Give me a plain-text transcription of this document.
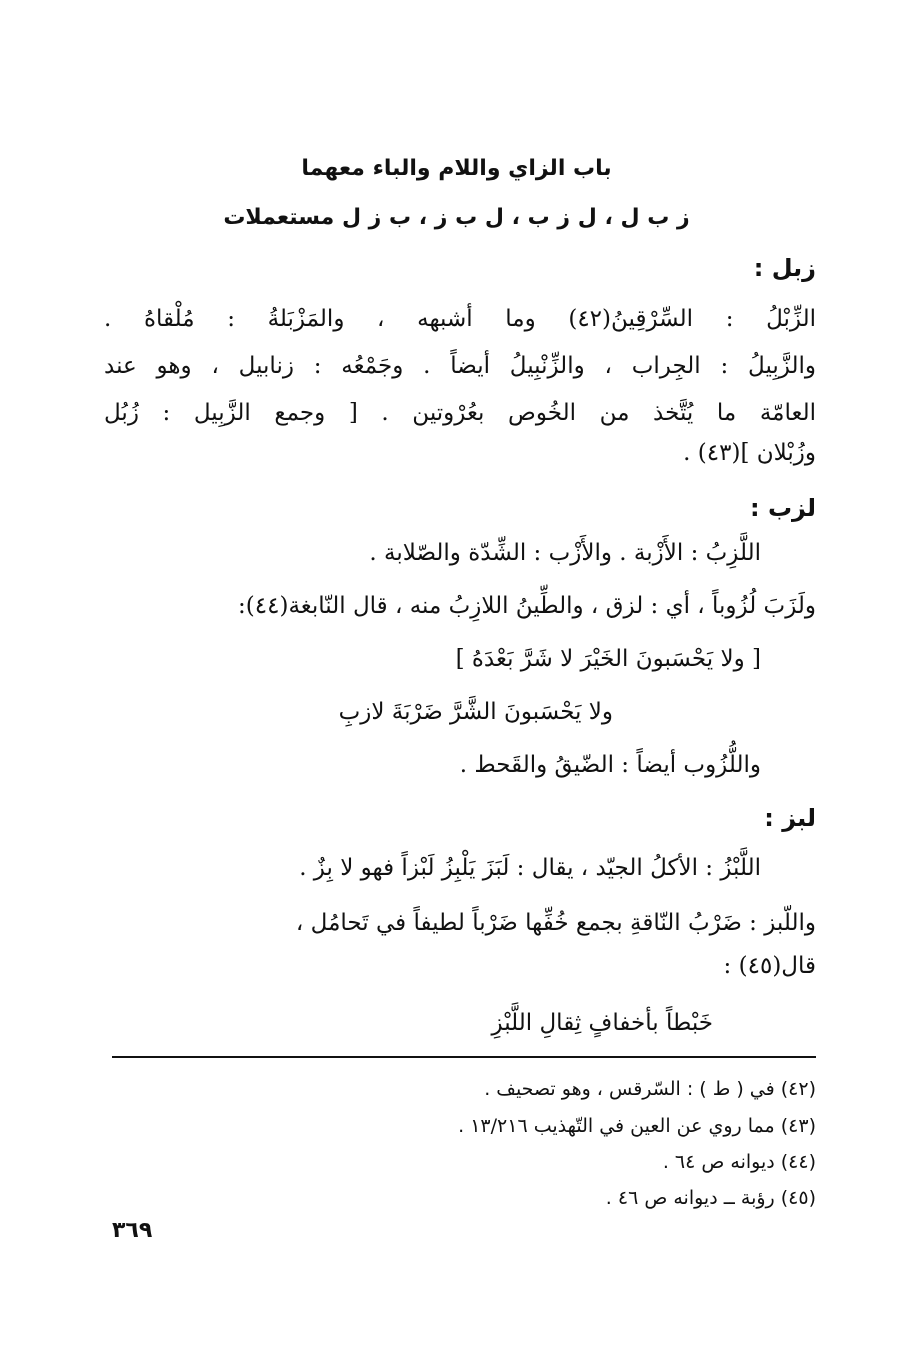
باب الزاي واللام والباء معهما
ز ب ل ، ل ز ب ، ل ب ز ، ب ز ل مستعملات
زبل :
الزِّبْلُ : السِّرْقِينُ(٤٢) وما أشبهه ، والمَزْبَلةُ : مُلْقاهُ .
والزَّبِيلُ : الجِراب ، والزِّنْبِيلُ أيضاً . وجَمْعُه : زنابيل ، وهو عند
العامّة ما يُتَّخذ من الخُوص بعُرْوتين . [ وجمع الزَّبِيل : زُبُل
وزُبْلان ](٤٣) .
لزب :
اللَّزِبُ : الأَزْبة . والأَزْب : الشِّدّة والصّلابة .
ولَزَبَ لُزُوباً ، أي : لزق ، والطِّينُ اللازِبُ منه ، قال النّابغة(٤٤):
[ ولا يَحْسَبونَ الخَيْرَ لا شَرَّ بَعْدَهُ ]
ولا يَحْسَبونَ الشَّرَّ ضَرْبَةَ لازبِ
واللُّزُوب أيضاً : الضّيقُ والقَحط .
لبز :
اللَّبْزُ : الأكلُ الجيّد ، يقال : لَبَزَ يَلْبِزُ لَبْزاً فهو لا بِزٌ .
واللّبز : ضَرْبُ النّاقةِ بجمع خُفِّها ضَرْباً لطيفاً في تَحامُل ،
قال(٤٥) :
خَبْطاً بأخفافٍ ثِقالِ اللَّبْزِ
(٤٢) في ( ط ) : السّرقس ، وهو تصحيف .
(٤٣) مما روي عن العين في التّهذيب ١٣/٢١٦ .
(٤٤) ديوانه ص ٦٤ .
(٤٥) رؤبة ــ ديوانه ص ٤٦ .
٣٦٩
